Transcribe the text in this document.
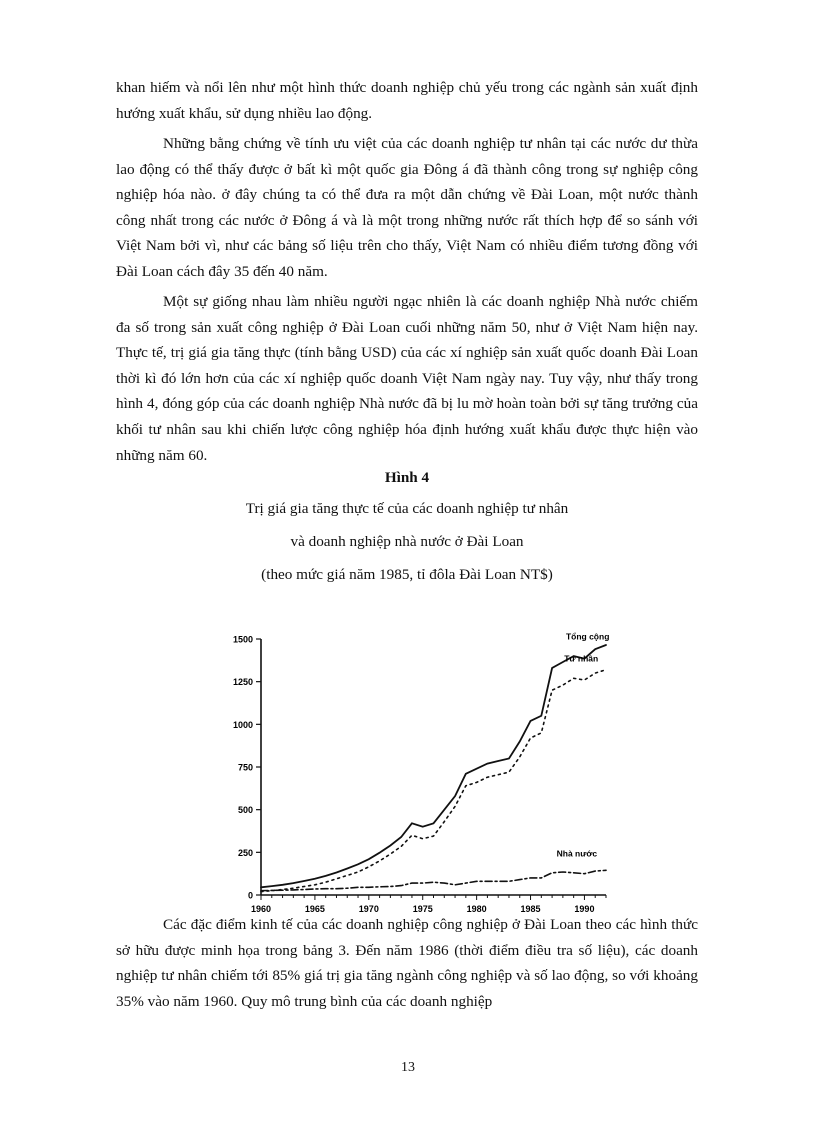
khan hiếm và nổi lên như một hình thức doanh nghiệp chủ yếu trong các ngành sản xuất định hướng xuất khẩu, sử dụng nhiều lao động.

Những bằng chứng về tính ưu việt của các doanh nghiệp tư nhân tại các nước dư thừa lao động có thể thấy được ở bất kì một quốc gia Đông á đã thành công trong sự nghiệp công nghiệp hóa nào. ở đây chúng ta có thể đưa ra một dẫn chứng về Đài Loan, một nước thành công nhất trong các nước ở Đông á và là một trong những nước rất thích hợp để so sánh với Việt Nam bởi vì, như các bảng số liệu trên cho thấy, Việt Nam có nhiều điểm tương đồng với Đài Loan cách đây 35 đến 40 năm.

Một sự giống nhau làm nhiều người ngạc nhiên là các doanh nghiệp Nhà nước chiếm đa số trong sản xuất công nghiệp ở Đài Loan cuối những năm 50, như ở Việt Nam hiện nay. Thực tế, trị giá gia tăng thực (tính bằng USD) của các xí nghiệp sản xuất quốc doanh Đài Loan thời kì đó lớn hơn của các xí nghiệp quốc doanh Việt Nam ngày nay. Tuy vậy, như thấy trong hình 4, đóng góp của các doanh nghiệp Nhà nước đã bị lu mờ hoàn toàn bởi sự tăng trưởng của khối tư nhân sau khi chiến lược công nghiệp hóa định hướng xuất khẩu được thực hiện vào những năm 60.

Hình 4
Trị giá gia tăng thực tế của các doanh nghiệp tư nhân
và doanh nghiệp nhà nước ở Đài Loan
(theo mức giá năm 1985, tỉ đôla Đài Loan NT$)
0
250
500
750
1000
1250
1500
1960	1965	1970	1975	1980	1985	1990
Tổng cộng
Tư nhân
Nhà nước

Các đặc điểm kinh tế của các doanh nghiệp công nghiệp ở Đài Loan theo các hình thức sở hữu được minh họa trong bảng 3. Đến năm 1986 (thời điểm điều tra số liệu), các doanh nghiệp tư nhân chiếm tới 85% giá trị gia tăng ngành công nghiệp và số lao động, so với khoảng 35% vào năm 1960. Quy mô trung bình của các doanh nghiệp

13
